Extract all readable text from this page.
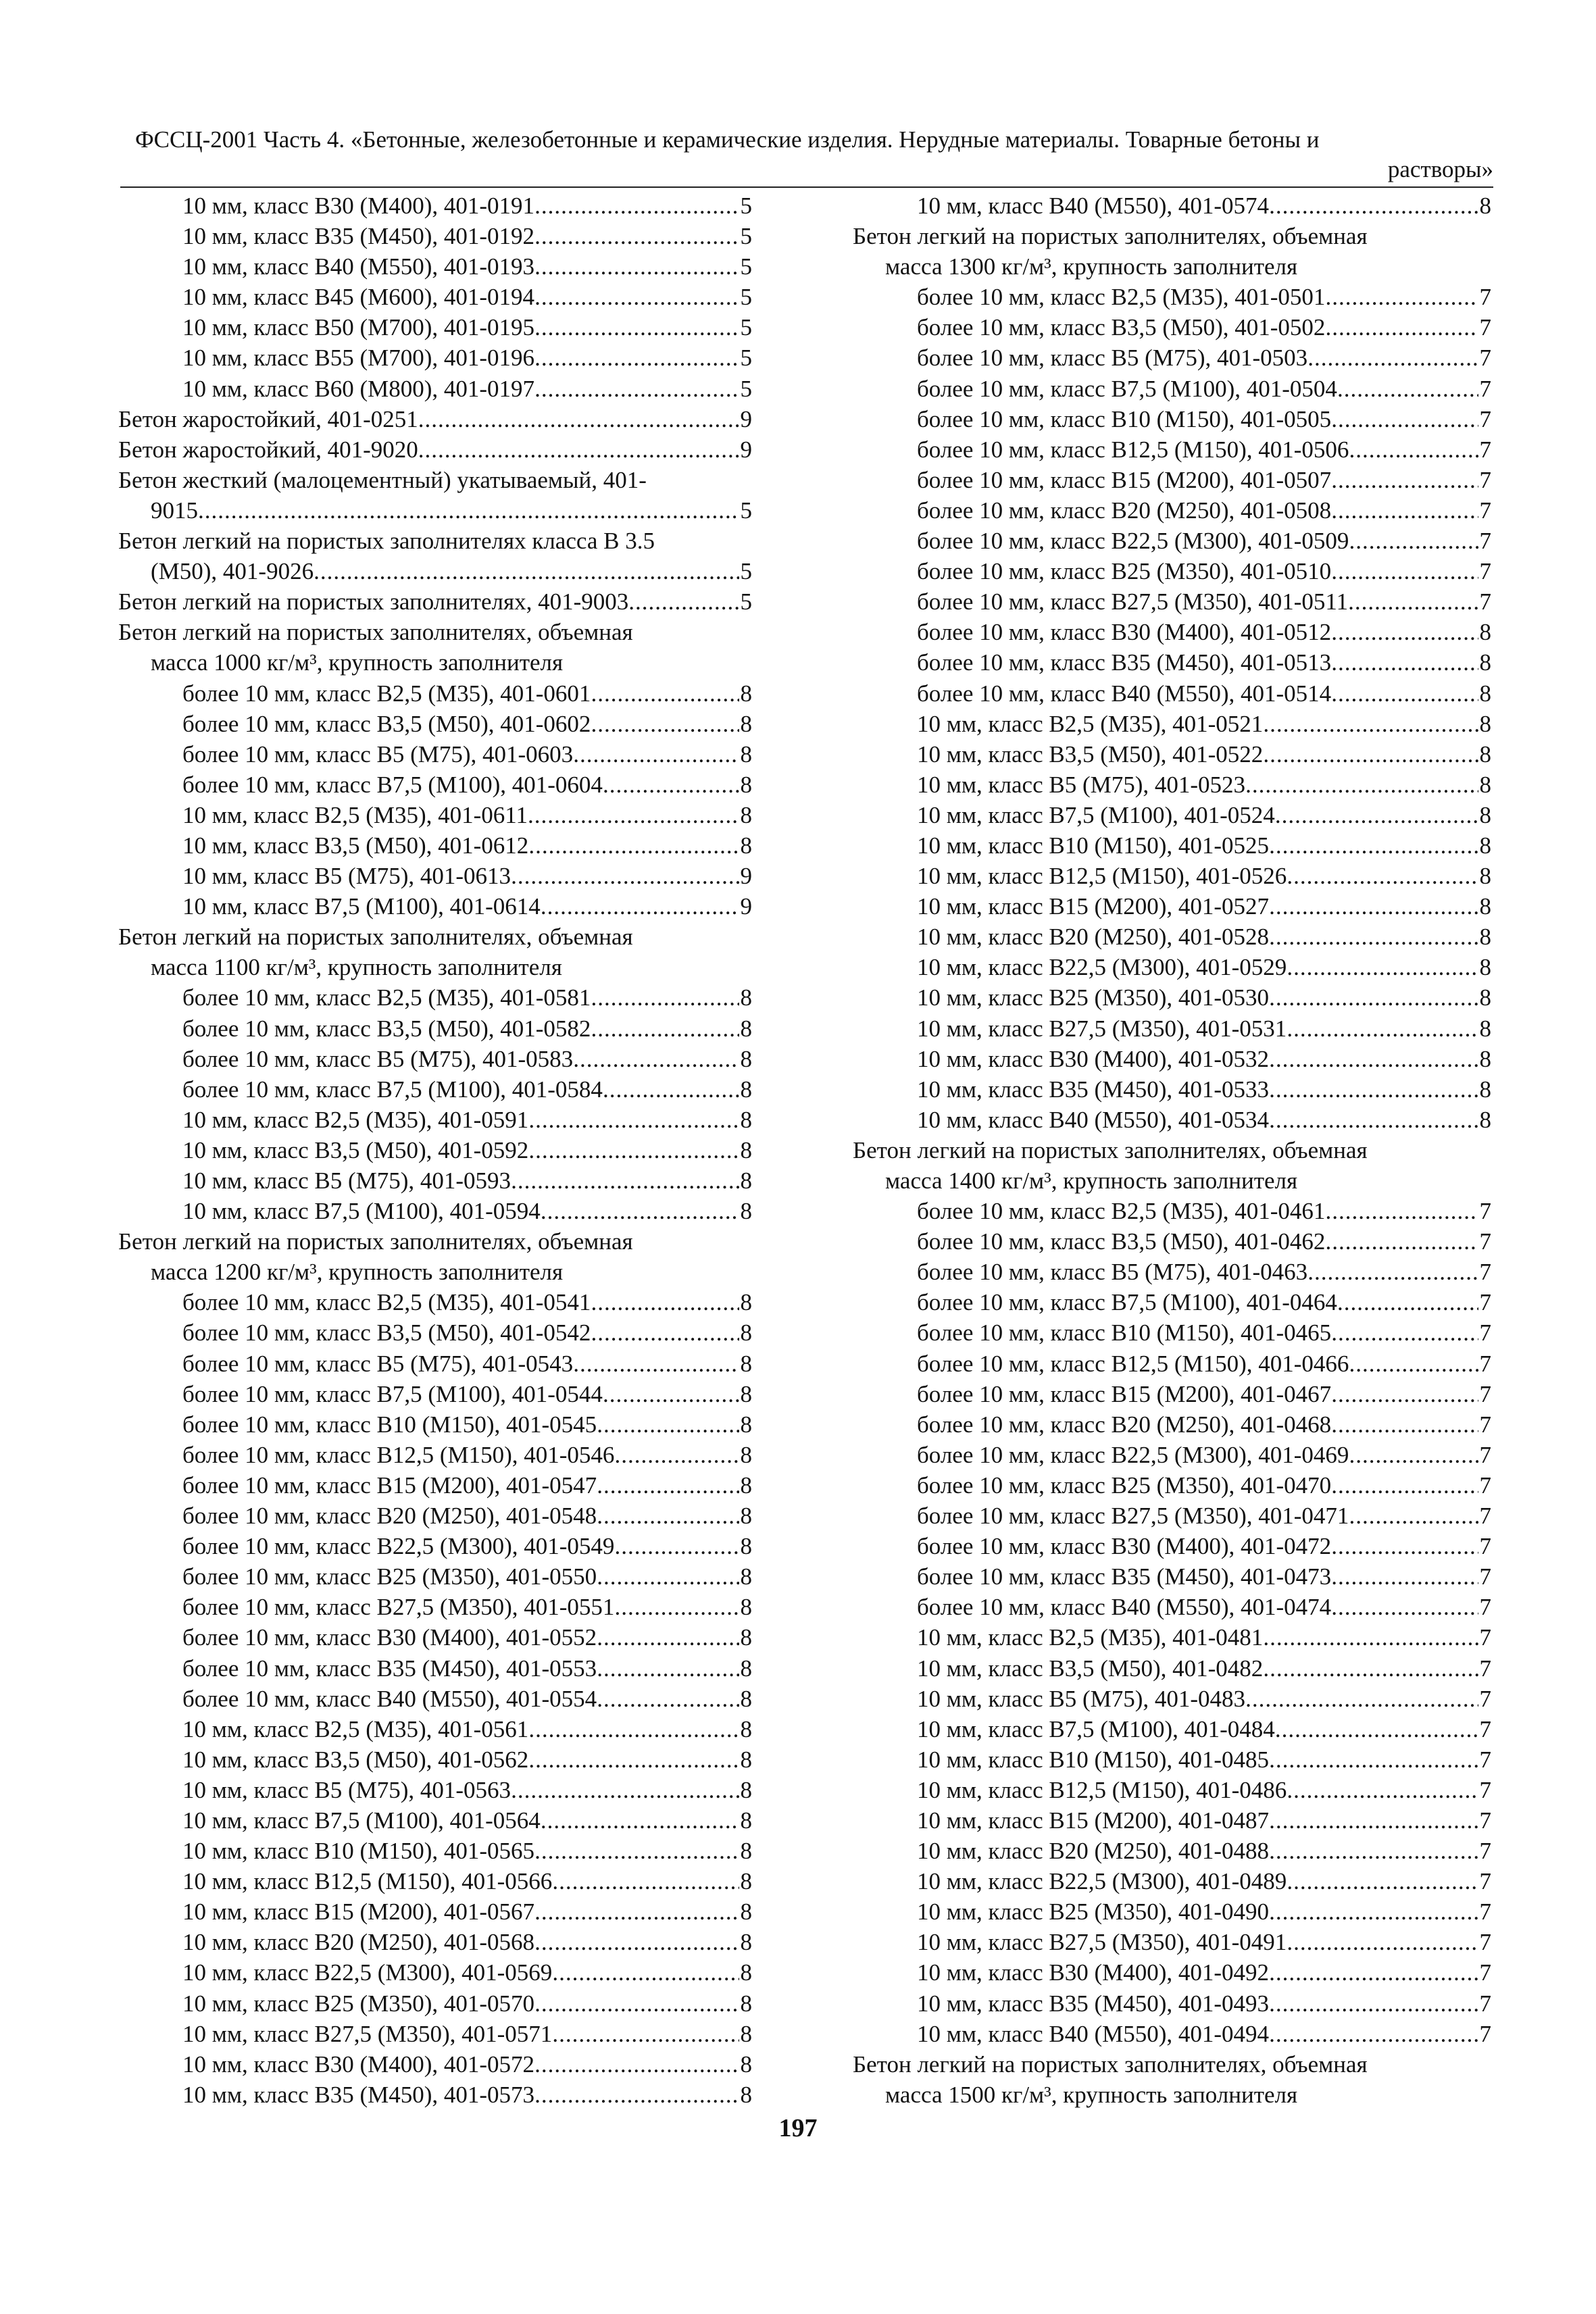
ФССЦ-2001 Часть 4. «Бетонные, железобетонные и керамические изделия. Нерудные материалы. Товарные бетоны и
растворы»
10 мм, класс В30 (М400), 401-0191 .....	5
10 мм, класс В35 (М450), 401-0192 .....	5
10 мм, класс В40 (М550), 401-0193 .....	5
10 мм, класс В45 (М600), 401-0194 .....	5
10 мм, класс В50 (М700), 401-0195 .....	5
10 мм, класс В55 (М700), 401-0196 .....	5
10 мм, класс В60 (М800), 401-0197 .....	5
Бетон жаростойкий, 401-0251 .....	9
Бетон жаростойкий, 401-9020 .....	9
Бетон жесткий (малоцементный) укатываемый, 401-
9015 .....	5
Бетон легкий на пористых заполнителях класса В 3.5
(М50), 401-9026 .....	5
Бетон легкий на пористых заполнителях, 401-9003 .....	5
Бетон легкий на пористых заполнителях, объемная
масса 1000 кг/м³, крупность заполнителя
более 10 мм, класс В2,5 (М35), 401-0601 .....	8
более 10 мм, класс В3,5 (М50), 401-0602 .....	8
более 10 мм, класс В5 (М75), 401-0603 .....	8
более 10 мм, класс В7,5 (М100), 401-0604 .....	8
10 мм, класс В2,5 (М35), 401-0611 .....	8
10 мм, класс В3,5 (М50), 401-0612 .....	8
10 мм, класс В5 (М75), 401-0613 .....	9
10 мм, класс В7,5 (М100), 401-0614 .....	9
Бетон легкий на пористых заполнителях, объемная
масса 1100 кг/м³, крупность заполнителя
более 10 мм, класс В2,5 (М35), 401-0581 .....	8
более 10 мм, класс В3,5 (М50), 401-0582 .....	8
более 10 мм, класс В5 (М75), 401-0583 .....	8
более 10 мм, класс В7,5 (М100), 401-0584 .....	8
10 мм, класс В2,5 (М35), 401-0591 .....	8
10 мм, класс В3,5 (М50), 401-0592 .....	8
10 мм, класс В5 (М75), 401-0593 .....	8
10 мм, класс В7,5 (М100), 401-0594 .....	8
Бетон легкий на пористых заполнителях, объемная
масса 1200 кг/м³, крупность заполнителя
более 10 мм, класс В2,5 (М35), 401-0541 .....	8
более 10 мм, класс В3,5 (М50), 401-0542 .....	8
более 10 мм, класс В5 (М75), 401-0543 .....	8
более 10 мм, класс В7,5 (М100), 401-0544 .....	8
более 10 мм, класс В10 (М150), 401-0545 .....	8
более 10 мм, класс В12,5 (М150), 401-0546 .....	8
более 10 мм, класс В15 (М200), 401-0547 .....	8
более 10 мм, класс В20 (М250), 401-0548 .....	8
более 10 мм, класс В22,5 (М300), 401-0549 .....	8
более 10 мм, класс В25 (М350), 401-0550 .....	8
более 10 мм, класс В27,5 (М350), 401-0551 .....	8
более 10 мм, класс В30 (М400), 401-0552 .....	8
более 10 мм, класс В35 (М450), 401-0553 .....	8
более 10 мм, класс В40 (М550), 401-0554 .....	8
10 мм, класс В2,5 (М35), 401-0561 .....	8
10 мм, класс В3,5 (М50), 401-0562 .....	8
10 мм, класс В5 (М75), 401-0563 .....	8
10 мм, класс В7,5 (М100), 401-0564 .....	8
10 мм, класс В10 (М150), 401-0565 .....	8
10 мм, класс В12,5 (М150), 401-0566 .....	8
10 мм, класс В15 (М200), 401-0567 .....	8
10 мм, класс В20 (М250), 401-0568 .....	8
10 мм, класс В22,5 (М300), 401-0569 .....	8
10 мм, класс В25 (М350), 401-0570 .....	8
10 мм, класс В27,5 (М350), 401-0571 .....	8
10 мм, класс В30 (М400), 401-0572 .....	8
10 мм, класс В35 (М450), 401-0573 .....	8
10 мм, класс В40 (М550), 401-0574 .....	8
Бетон легкий на пористых заполнителях, объемная
масса 1300 кг/м³, крупность заполнителя
более 10 мм, класс В2,5 (М35), 401-0501 .....	7
более 10 мм, класс В3,5 (М50), 401-0502 .....	7
более 10 мм, класс В5 (М75), 401-0503 .....	7
более 10 мм, класс В7,5 (М100), 401-0504 .....	7
более 10 мм, класс В10 (М150), 401-0505 .....	7
более 10 мм, класс В12,5 (М150), 401-0506 .....	7
более 10 мм, класс В15 (М200), 401-0507 .....	7
более 10 мм, класс В20 (М250), 401-0508 .....	7
более 10 мм, класс В22,5 (М300), 401-0509 .....	7
более 10 мм, класс В25 (М350), 401-0510 .....	7
более 10 мм, класс В27,5 (М350), 401-0511 .....	7
более 10 мм, класс В30 (М400), 401-0512 .....	8
более 10 мм, класс В35 (М450), 401-0513 .....	8
более 10 мм, класс В40 (М550), 401-0514 .....	8
10 мм, класс В2,5 (М35), 401-0521 .....	8
10 мм, класс В3,5 (М50), 401-0522 .....	8
10 мм, класс В5 (М75), 401-0523 .....	8
10 мм, класс В7,5 (М100), 401-0524 .....	8
10 мм, класс В10 (М150), 401-0525 .....	8
10 мм, класс В12,5 (М150), 401-0526 .....	8
10 мм, класс В15 (М200), 401-0527 .....	8
10 мм, класс В20 (М250), 401-0528 .....	8
10 мм, класс В22,5 (М300), 401-0529 .....	8
10 мм, класс В25 (М350), 401-0530 .....	8
10 мм, класс В27,5 (М350), 401-0531 .....	8
10 мм, класс В30 (М400), 401-0532 .....	8
10 мм, класс В35 (М450), 401-0533 .....	8
10 мм, класс В40 (М550), 401-0534 .....	8
Бетон легкий на пористых заполнителях, объемная
масса 1400 кг/м³, крупность заполнителя
более 10 мм, класс В2,5 (М35), 401-0461 .....	7
более 10 мм, класс В3,5 (М50), 401-0462 .....	7
более 10 мм, класс В5 (М75), 401-0463 .....	7
более 10 мм, класс В7,5 (М100), 401-0464 .....	7
более 10 мм, класс В10 (М150), 401-0465 .....	7
более 10 мм, класс В12,5 (М150), 401-0466 .....	7
более 10 мм, класс В15 (М200), 401-0467 .....	7
более 10 мм, класс В20 (М250), 401-0468 .....	7
более 10 мм, класс В22,5 (М300), 401-0469 .....	7
более 10 мм, класс В25 (М350), 401-0470 .....	7
более 10 мм, класс В27,5 (М350), 401-0471 .....	7
более 10 мм, класс В30 (М400), 401-0472 .....	7
более 10 мм, класс В35 (М450), 401-0473 .....	7
более 10 мм, класс В40 (М550), 401-0474 .....	7
10 мм, класс В2,5 (М35), 401-0481 .....	7
10 мм, класс В3,5 (М50), 401-0482 .....	7
10 мм, класс В5 (М75), 401-0483 .....	7
10 мм, класс В7,5 (М100), 401-0484 .....	7
10 мм, класс В10 (М150), 401-0485 .....	7
10 мм, класс В12,5 (М150), 401-0486 .....	7
10 мм, класс В15 (М200), 401-0487 .....	7
10 мм, класс В20 (М250), 401-0488 .....	7
10 мм, класс В22,5 (М300), 401-0489 .....	7
10 мм, класс В25 (М350), 401-0490 .....	7
10 мм, класс В27,5 (М350), 401-0491 .....	7
10 мм, класс В30 (М400), 401-0492 .....	7
10 мм, класс В35 (М450), 401-0493 .....	7
10 мм, класс В40 (М550), 401-0494 .....	7
Бетон легкий на пористых заполнителях, объемная
масса 1500 кг/м³, крупность заполнителя
197
